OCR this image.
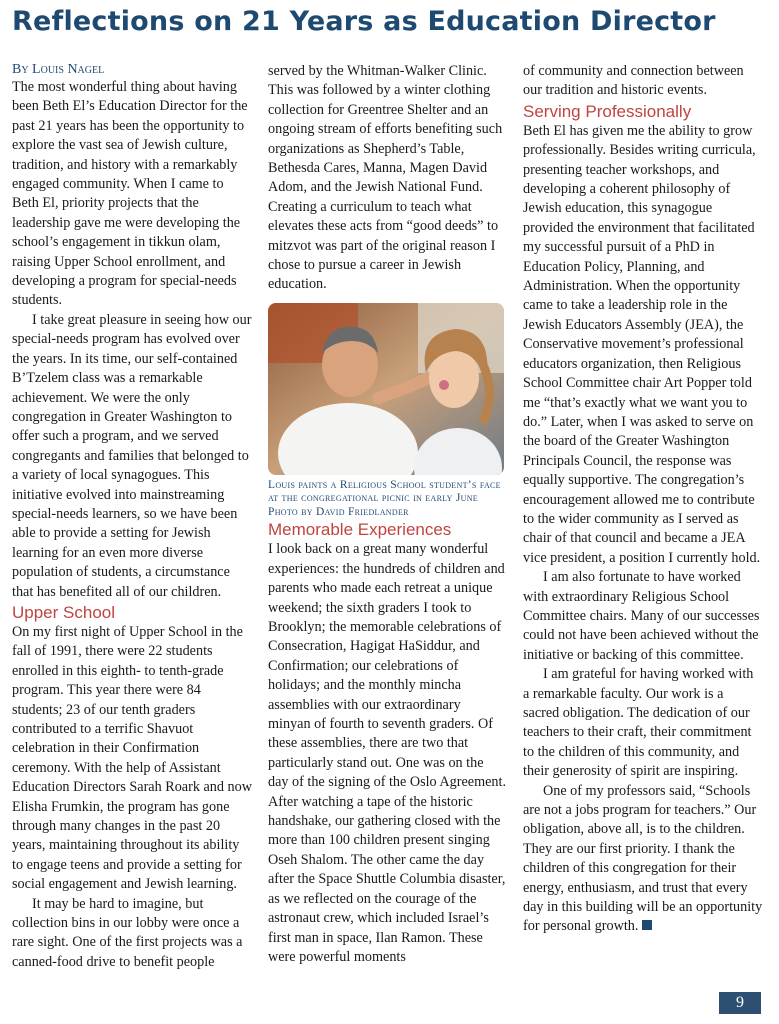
Reflections on 21 Years as Education Director

By Louis Nagel

The most wonderful thing about having been Beth El’s Education Director for the past 21 years has been the opportunity to explore the vast sea of Jewish culture, tradition, and history with a remarkably engaged community. When I came to Beth El, priority projects that the leadership gave me were developing the school’s engagement in tikkun olam, raising Upper School enrollment, and developing a program for special-needs students.

I take great pleasure in seeing how our special-needs program has evolved over the years. In its time, our self-contained B’Tzelem class was a remarkable achievement. We were the only congregation in Greater Washington to offer such a program, and we served congregants and families that belonged to a variety of local synagogues. This initiative evolved into mainstreaming special-needs learners, so we have been able to provide a setting for Jewish learning for an even more diverse population of students, a circumstance that has benefited all of our children.

Upper School

On my first night of Upper School in the fall of 1991, there were 22 students enrolled in this eighth- to tenth-grade program. This year there were 84 students; 23 of our tenth graders contributed to a terrific Shavuot celebration in their Confirmation ceremony. With the help of Assistant Education Directors Sarah Roark and now Elisha Frumkin, the program has gone through many changes in the past 20 years, maintaining throughout its ability to engage teens and provide a setting for social engagement and Jewish learning.

It may be hard to imagine, but collection bins in our lobby were once a rare sight. One of the first projects was a canned-food drive to benefit people

served by the Whitman-Walker Clinic. This was followed by a winter clothing collection for Greentree Shelter and an ongoing stream of efforts benefiting such organizations as Shepherd’s Table, Bethesda Cares, Manna, Magen David Adom, and the Jewish National Fund. Creating a curriculum to teach what elevates these acts from “good deeds” to mitzvot was part of the original reason I chose to pursue a career in Jewish education.

Louis paints a Religious School student’s face at the congregational picnic in early June
Photo by David Friedlander

Memorable Experiences

I look back on a great many wonderful experiences: the hundreds of children and parents who made each retreat a unique weekend; the sixth graders I took to Brooklyn; the memorable celebrations of Consecration, Hagigat HaSiddur, and Confirmation; our celebrations of holidays; and the monthly mincha assemblies with our extraordinary minyan of fourth to seventh graders. Of these assemblies, there are two that particularly stand out. One was on the day of the signing of the Oslo Agreement. After watching a tape of the historic handshake, our gathering closed with the more than 100 children present singing Oseh Shalom. The other came the day after the Space Shuttle Columbia disaster, as we reflected on the courage of the astronaut crew, which included Israel’s first man in space, Ilan Ramon. These were powerful moments

of community and connection between our tradition and historic events.

Serving Professionally

Beth El has given me the ability to grow professionally. Besides writing curricula, presenting teacher workshops, and developing a coherent philosophy of Jewish education, this synagogue provided the environment that facilitated my successful pursuit of a PhD in Education Policy, Planning, and Administration. When the opportunity came to take a leadership role in the Jewish Educators Assembly (JEA), the Conservative movement’s professional educators organization, then Religious School Committee chair Art Popper told me “that’s exactly what we want you to do.” Later, when I was asked to serve on the board of the Greater Washington Principals Council, the response was equally supportive. The congregation’s encouragement allowed me to contribute to the wider community as I served as chair of that council and became a JEA vice president, a position I currently hold.

I am also fortunate to have worked with extraordinary Religious School Committee chairs. Many of our successes could not have been achieved without the initiative or backing of this committee.

I am grateful for having worked with a remarkable faculty. Our work is a sacred obligation. The dedication of our teachers to their craft, their commitment to the children of this community, and their generosity of spirit are inspiring.

One of my professors said, “Schools are not a jobs program for teachers.” Our obligation, above all, is to the children. They are our first priority. I thank the children of this congregation for their energy, enthusiasm, and trust that every day in this building will be an opportunity for personal growth.

9
